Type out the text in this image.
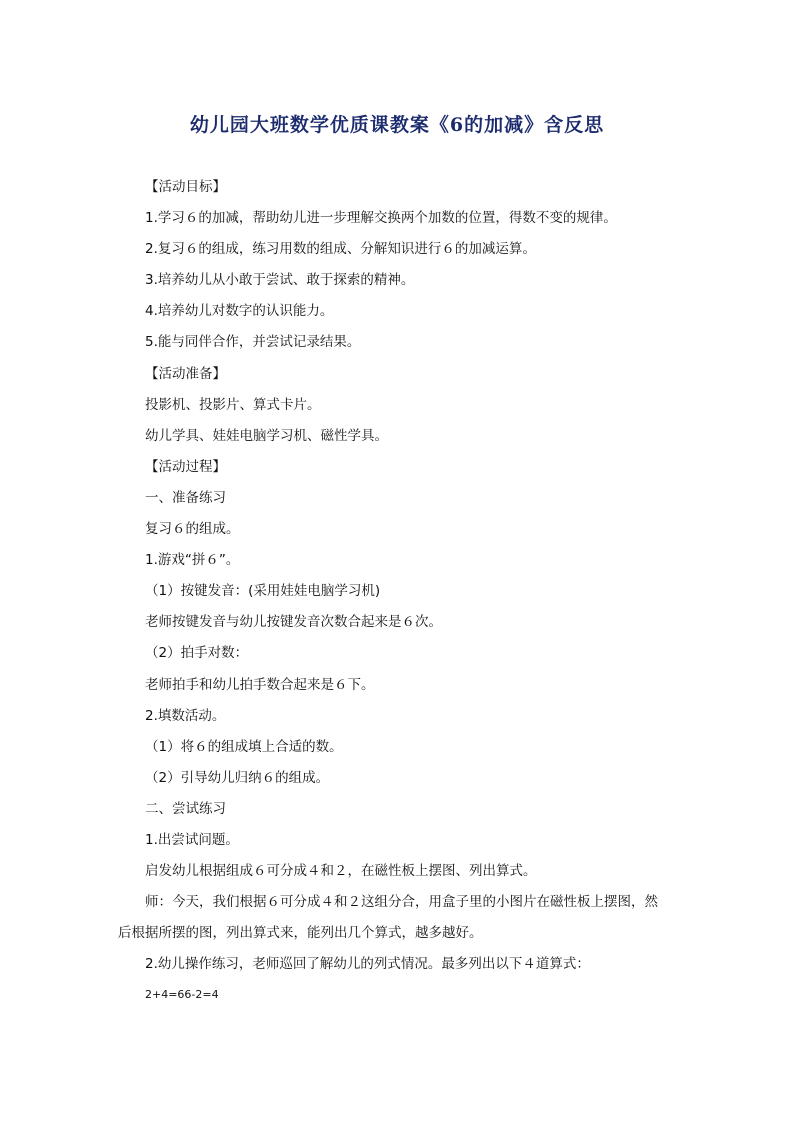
幼儿园大班数学优质课教案《6的加减》含反思
【活动目标】
1.学习６的加减，帮助幼儿进一步理解交换两个加数的位置，得数不变的规律。
2.复习６的组成，练习用数的组成、分解知识进行６的加减运算。
3.培养幼儿从小敢于尝试、敢于探索的精神。
4.培养幼儿对数字的认识能力。
5.能与同伴合作，并尝试记录结果。
【活动准备】
投影机、投影片、算式卡片。
幼儿学具、娃娃电脑学习机、磁性学具。
【活动过程】
一、准备练习
复习６的组成。
1.游戏“拼６”。
（1）按键发音：(采用娃娃电脑学习机)
老师按键发音与幼儿按键发音次数合起来是６次。
（2）拍手对数：
老师拍手和幼儿拍手数合起来是６下。
2.填数活动。
（1）将６的组成填上合适的数。
（2）引导幼儿归纳６的组成。
二、尝试练习
1.出尝试问题。
启发幼儿根据组成６可分成４和２，在磁性板上摆图、列出算式。
师：今天，我们根据６可分成４和２这组分合，用盒子里的小图片在磁性板上摆图，然
后根据所摆的图，列出算式来，能列出几个算式，越多越好。
2.幼儿操作练习，老师巡回了解幼儿的列式情况。最多列出以下４道算式：
2+4=66-2=4
